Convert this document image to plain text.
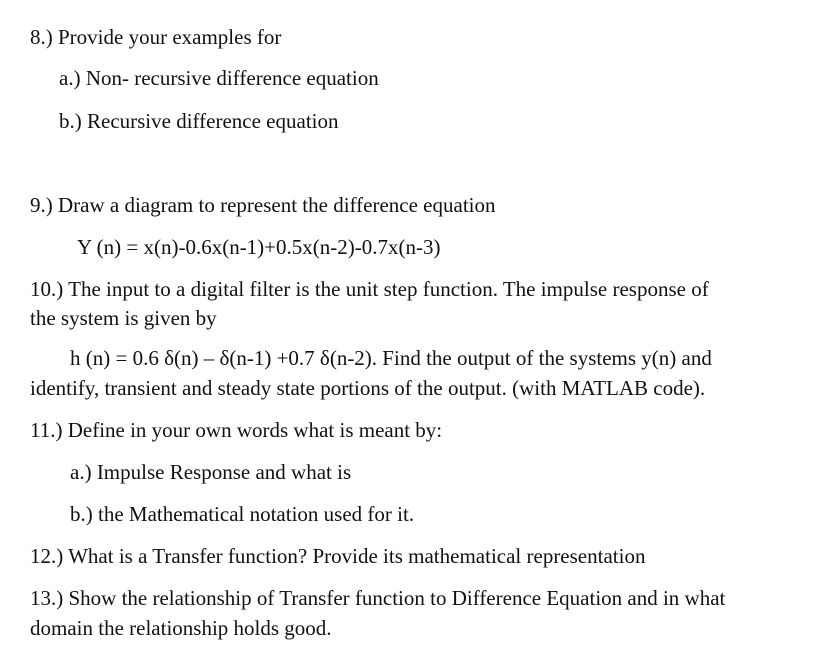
8.) Provide your examples for
a.) Non- recursive difference equation
b.) Recursive difference equation
9.) Draw a diagram to represent the difference equation
Y (n) = x(n)-0.6x(n-1)+0.5x(n-2)-0.7x(n-3)
10.) The input to a digital filter is the unit step function. The impulse response of
the system is given by
h (n) = 0.6 δ(n) – δ(n-1) +0.7 δ(n-2). Find the output of the systems y(n) and
identify, transient and steady state portions of the output. (with MATLAB code).
11.) Define in your own words what is meant by:
a.) Impulse Response and what is
b.) the Mathematical notation used for it.
12.) What is a Transfer function? Provide its mathematical representation
13.) Show the relationship of Transfer function to Difference Equation and in what
domain the relationship holds good.
